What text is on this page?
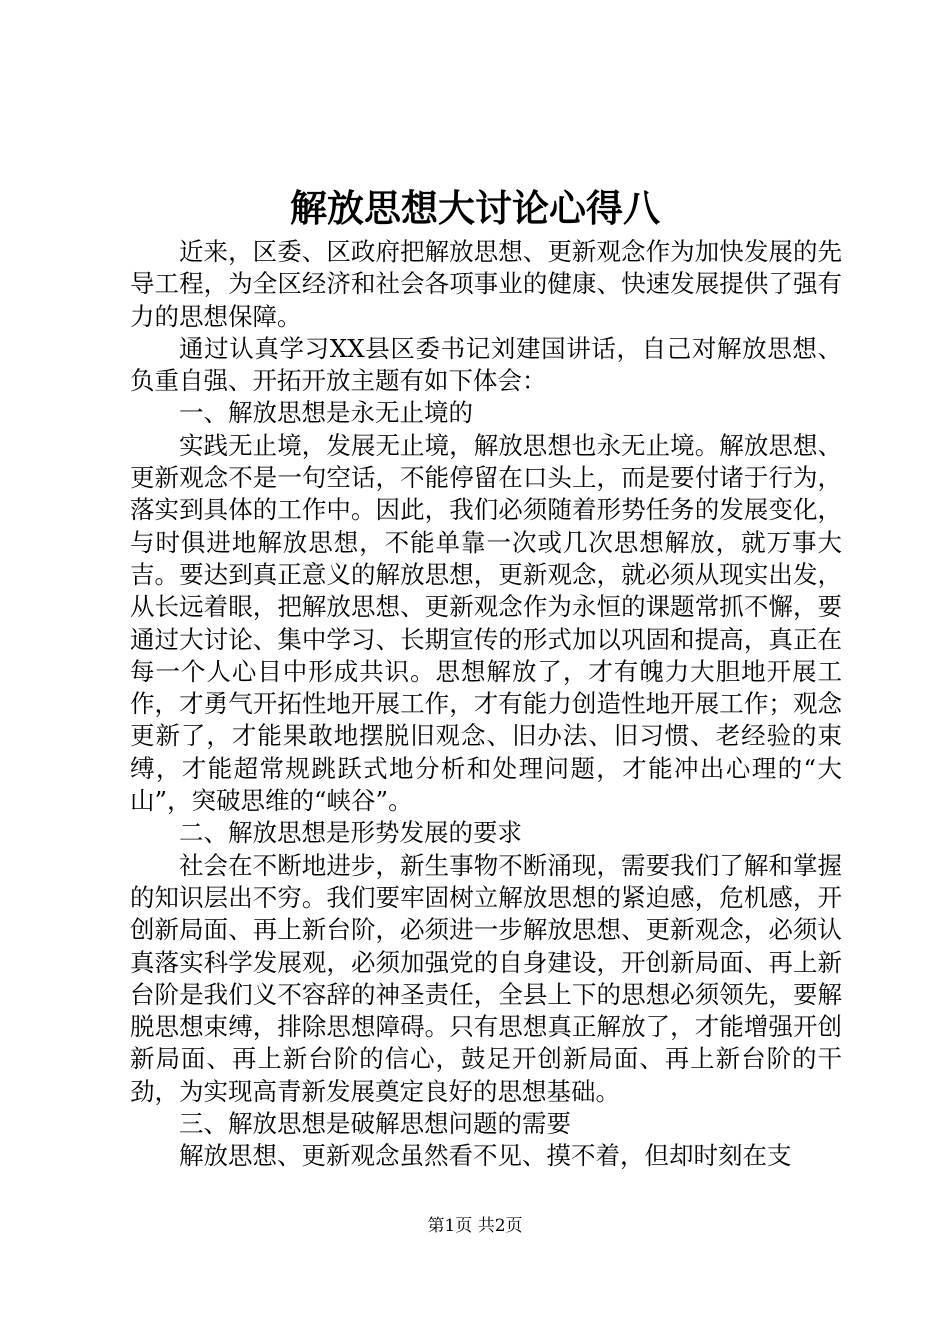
解放思想大讨论心得八

近来，区委、区政府把解放思想、更新观念作为加快发展的先导工程，为全区经济和社会各项事业的健康、快速发展提供了强有力的思想保障。

通过认真学习XX县区委书记刘建国讲话，自己对解放思想、负重自强、开拓开放主题有如下体会：

一、解放思想是永无止境的

实践无止境，发展无止境，解放思想也永无止境。解放思想、更新观念不是一句空话，不能停留在口头上，而是要付诸于行为，落实到具体的工作中。因此，我们必须随着形势任务的发展变化，与时俱进地解放思想，不能单靠一次或几次思想解放，就万事大吉。要达到真正意义的解放思想，更新观念，就必须从现实出发，从长远着眼，把解放思想、更新观念作为永恒的课题常抓不懈，要通过大讨论、集中学习、长期宣传的形式加以巩固和提高，真正在每一个人心目中形成共识。思想解放了，才有魄力大胆地开展工作，才勇气开拓性地开展工作，才有能力创造性地开展工作；观念更新了，才能果敢地摆脱旧观念、旧办法、旧习惯、老经验的束缚，才能超常规跳跃式地分析和处理问题，才能冲出心理的“大山”，突破思维的“峡谷”。

二、解放思想是形势发展的要求

社会在不断地进步，新生事物不断涌现，需要我们了解和掌握的知识层出不穷。我们要牢固树立解放思想的紧迫感，危机感，开创新局面、再上新台阶，必须进一步解放思想、更新观念，必须认真落实科学发展观，必须加强党的自身建设，开创新局面、再上新台阶是我们义不容辞的神圣责任，全县上下的思想必须领先，要解脱思想束缚，排除思想障碍。只有思想真正解放了，才能增强开创新局面、再上新台阶的信心，鼓足开创新局面、再上新台阶的干劲，为实现高青新发展奠定良好的思想基础。

三、解放思想是破解思想问题的需要

解放思想、更新观念虽然看不见、摸不着，但却时刻在支

第1页 共2页
